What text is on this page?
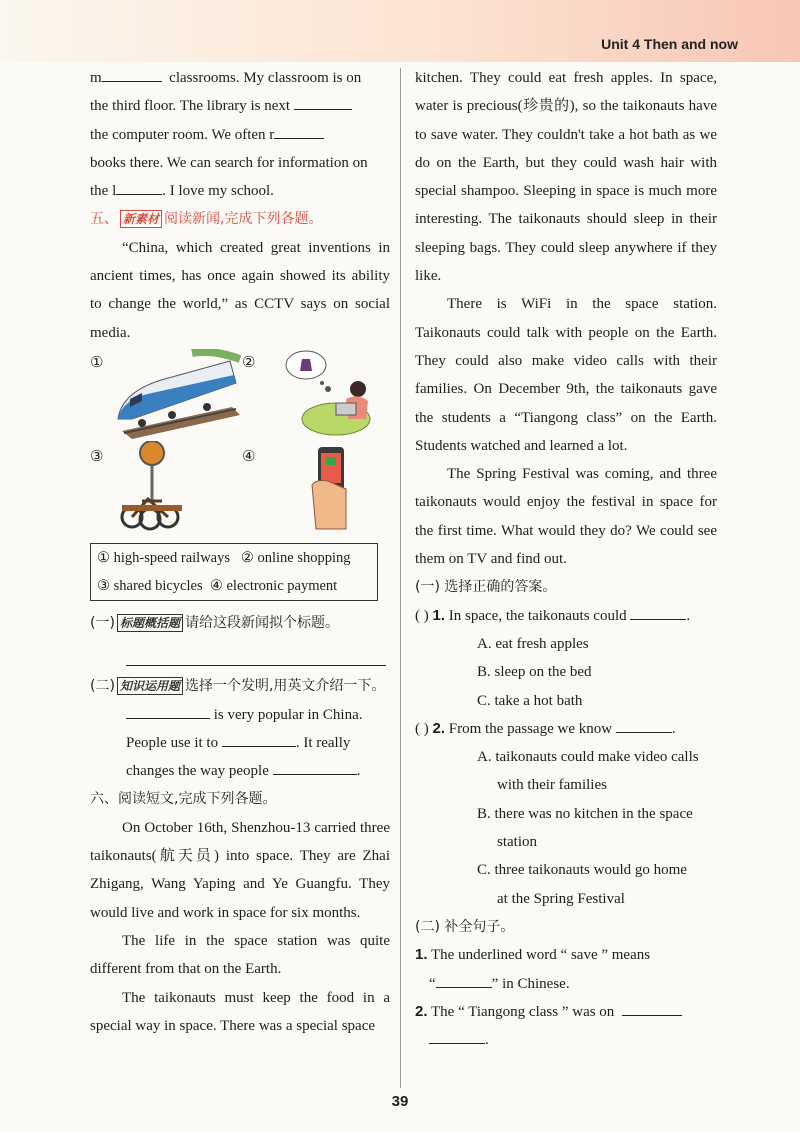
Unit 4 Then and now

m	classrooms. My classroom is on

the third floor. The library is next

the computer room. We often r

books there. We can search for information on

the l	. I love my school.

五、 新素材 阅读新闻,完成下列各题。

“China, which created great inventions in ancient times, has once again showed its ability to change the world,” as CCTV says on social media.

①	②
③	④
① high-speed railways ② online shopping
③ shared bicycles ④ electronic payment

(一) 标题概括题 请给这段新闻拟个标题。

(二) 知识运用题 选择一个发明,用英文介绍一下。

is very popular in China.

People use it to	. It really

changes the way people	.

六、阅读短文,完成下列各题。

On October 16th, Shenzhou-13 carried three taikonauts(航天员) into space. They are Zhai Zhigang, Wang Yaping and Ye Guangfu. They would live and work in space for six months.

The life in the space station was quite different from that on the Earth.

The taikonauts must keep the food in a special way in space. There was a special space

kitchen. They could eat fresh apples. In space, water is precious(珍贵的), so the taikonauts have to save water. They couldn't take a hot bath as we do on the Earth, but they could wash hair with special shampoo. Sleeping in space is much more interesting. The taikonauts should sleep in their sleeping bags. They could sleep anywhere if they like.

There is WiFi in the space station. Taikonauts could talk with people on the Earth. They could also make video calls with their families. On December 9th, the taikonauts gave the students a “Tiangong class” on the Earth. Students watched and learned a lot.

The Spring Festival was coming, and three taikonauts would enjoy the festival in space for the first time. What would they do? We could see them on TV and find out.

(一) 选择正确的答案。

( ) 1. In space, the taikonauts could	.

A. eat fresh apples

B. sleep on the bed

C. take a hot bath

( ) 2. From the passage we know	.

A. taikonauts could make video calls

with their families

B. there was no kitchen in the space

station

C. three taikonauts would go home

at the Spring Festival

(二) 补全句子。

1. The underlined word “ save ” means

“	” in Chinese.

2. The “ Tiangong class ” was on

.

39
